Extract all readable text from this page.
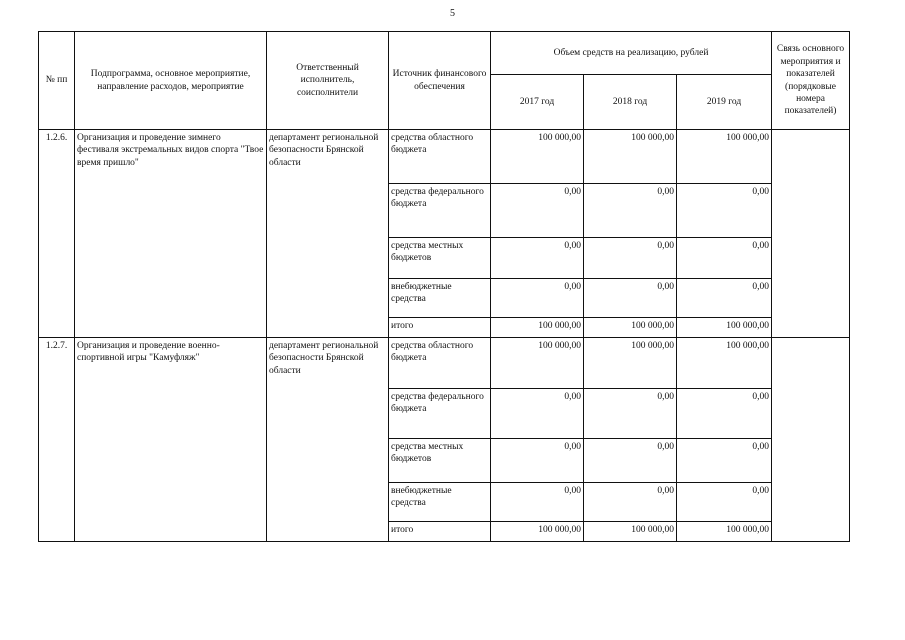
5
№ пп	Подпрограмма, основное мероприятие, направление расходов, мероприятие	Ответственный исполнитель, соисполнители	Источник финансового обеспечения	Объем средств на реализацию, рублей			Связь основного мероприятия и показателей (порядковые номера показателей)
				2017 год	2018 год	2019 год	
1.2.6.	Организация и проведение зимнего фестиваля экстремальных видов спорта "Твое время пришло"	департамент региональной безопасности Брянской области	средства областного бюджета	100 000,00	100 000,00	100 000,00	
			средства федерального бюджета	0,00	0,00	0,00	
			средства местных бюджетов	0,00	0,00	0,00	
			внебюджетные средства	0,00	0,00	0,00	
			итого	100 000,00	100 000,00	100 000,00	
1.2.7.	Организация и проведение военно-спортивной игры "Камуфляж"	департамент региональной безопасности Брянской области	средства областного бюджета	100 000,00	100 000,00	100 000,00	
			средства федерального бюджета	0,00	0,00	0,00	
			средства местных бюджетов	0,00	0,00	0,00	
			внебюджетные средства	0,00	0,00	0,00	
			итого	100 000,00	100 000,00	100 000,00	
